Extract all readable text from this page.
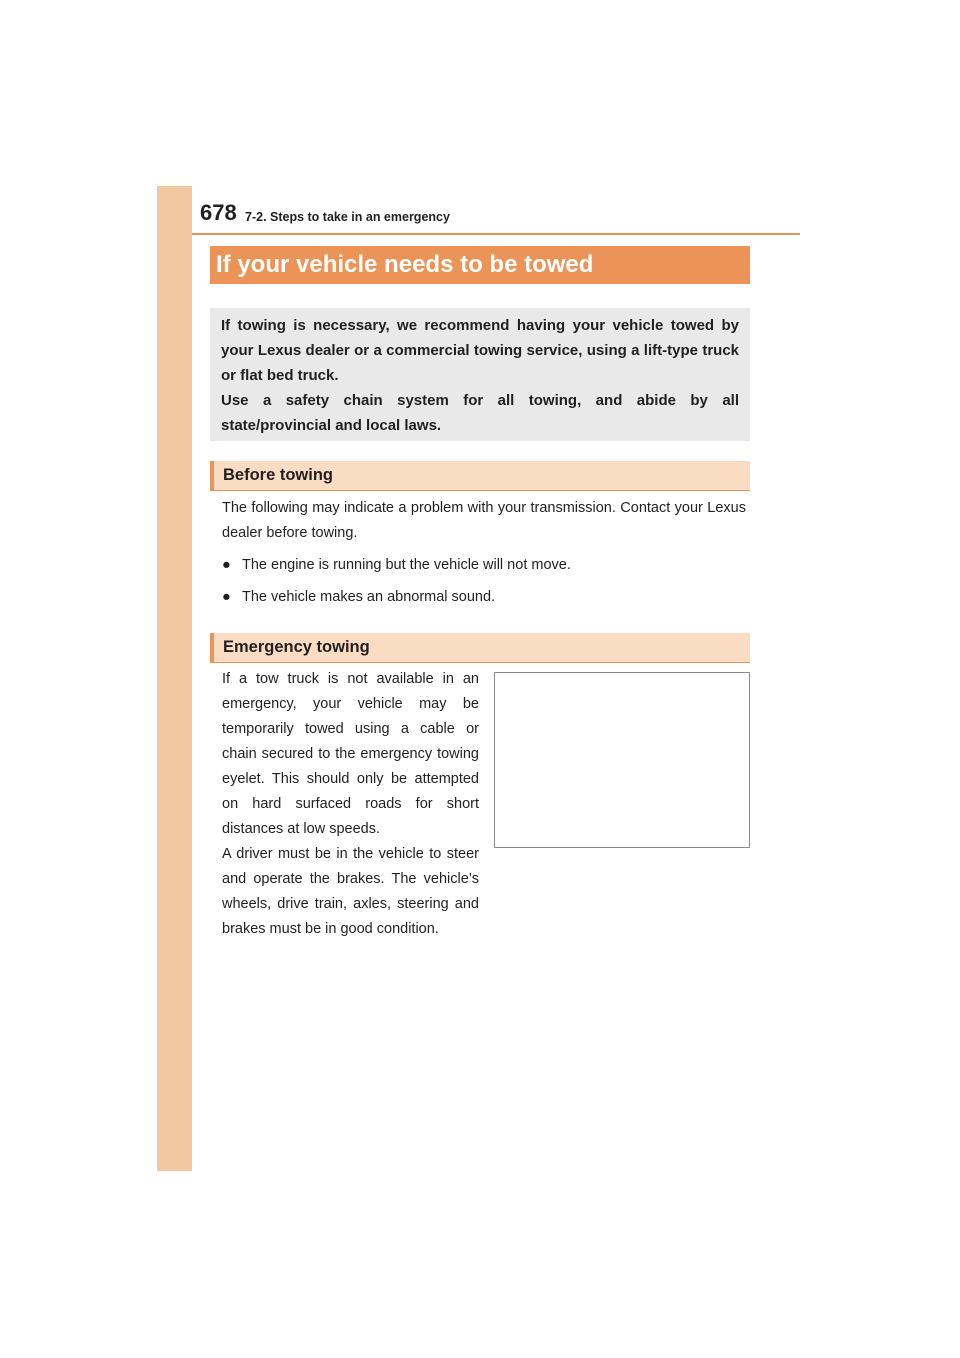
678 7-2. Steps to take in an emergency
If your vehicle needs to be towed

If towing is necessary, we recommend having your vehicle towed by your Lexus dealer or a commercial towing service, using a lift-type truck or flat bed truck.

Use a safety chain system for all towing, and abide by all state/provincial and local laws.

Before towing

The following may indicate a problem with your transmission. Contact your Lexus dealer before towing.

● The engine is running but the vehicle will not move.
● The vehicle makes an abnormal sound.
Emergency towing

If a tow truck is not available in an emergency, your vehicle may be temporarily towed using a cable or chain secured to the emergency towing eyelet. This should only be attempted on hard surfaced roads for short distances at low speeds.

A driver must be in the vehicle to steer and operate the brakes. The vehicle’s wheels, drive train, axles, steering and brakes must be in good condition.
